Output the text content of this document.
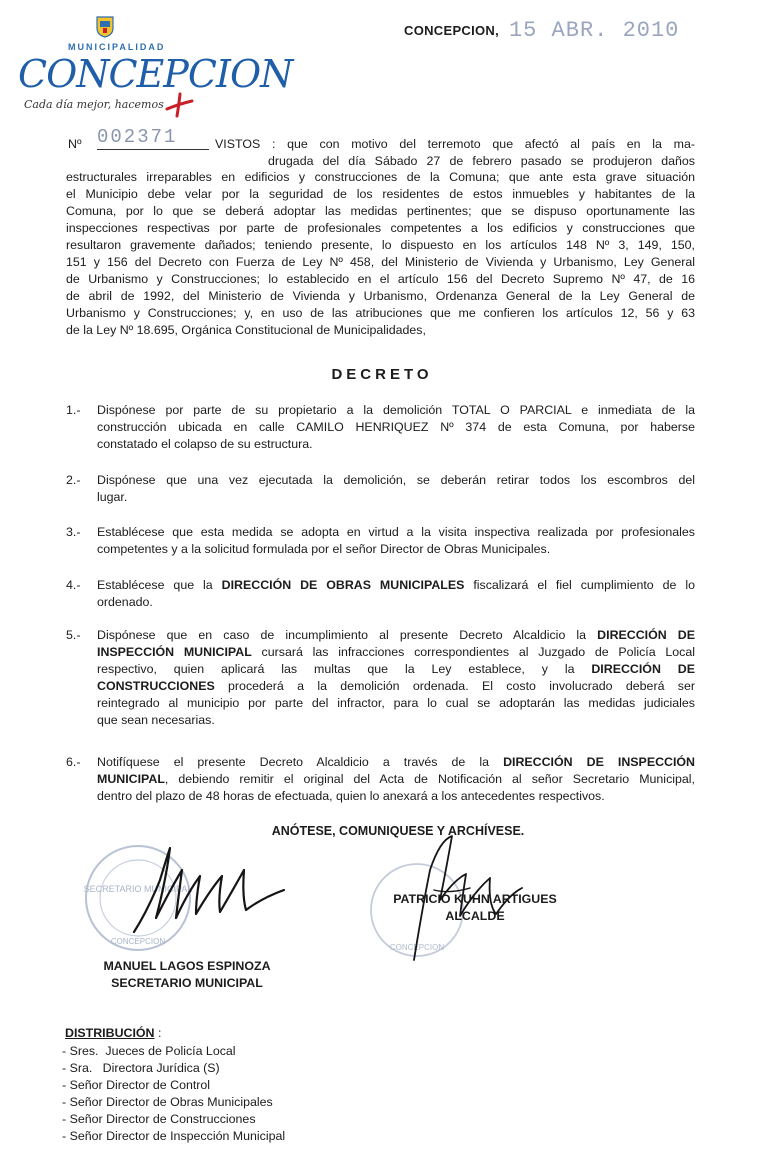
MUNICIPALIDAD
CONCEPCION
Cada día mejor, hacemos
CONCEPCION, 15 ABR. 2010
Nº 002371	VISTOS : que con motivo del terremoto que afectó al país en la ma-
drugada del día Sábado 27 de febrero pasado se produjeron daños
estructurales irreparables en edificios y construcciones de la Comuna; que ante esta grave situación
el Municipio debe velar por la seguridad de los residentes de estos inmuebles y habitantes de la
Comuna, por lo que se deberá adoptar las medidas pertinentes; que se dispuso oportunamente las
inspecciones respectivas por parte de profesionales competentes a los edificios y construcciones que
resultaron gravemente dañados; teniendo presente, lo dispuesto en los artículos 148 Nº 3, 149, 150,
151 y 156 del Decreto con Fuerza de Ley Nº 458, del Ministerio de Vivienda y Urbanismo, Ley General
de Urbanismo y Construcciones; lo establecido en el artículo 156 del Decreto Supremo Nº 47, de 16
de abril de 1992, del Ministerio de Vivienda y Urbanismo, Ordenanza General de la Ley General de
Urbanismo y Construcciones; y, en uso de las atribuciones que me confieren los artículos 12, 56 y 63
de la Ley Nº 18.695, Orgánica Constitucional de Municipalidades,
DECRETO
1.- Dispónese por parte de su propietario a la demolición TOTAL O PARCIAL e inmediata de la
construcción ubicada en calle CAMILO HENRIQUEZ Nº 374 de esta Comuna, por haberse
constatado el colapso de su estructura.
2.- Dispónese que una vez ejecutada la demolición, se deberán retirar todos los escombros del
lugar.
3.- Establécese que esta medida se adopta en virtud a la visita inspectiva realizada por profesionales
competentes y a la solicitud formulada por el señor Director de Obras Municipales.
4.- Establécese que la DIRECCIÓN DE OBRAS MUNICIPALES fiscalizará el fiel cumplimiento de lo
ordenado.
5.- Dispónese que en caso de incumplimiento al presente Decreto Alcaldicio la DIRECCIÓN DE
INSPECCIÓN MUNICIPAL cursará las infracciones correspondientes al Juzgado de Policía Local
respectivo, quien aplicará las multas que la Ley establece, y la DIRECCIÓN DE
CONSTRUCCIONES procederá a la demolición ordenada. El costo involucrado deberá ser
reintegrado al municipio por parte del infractor, para lo cual se adoptarán las medidas judiciales
que sean necesarias.
6.- Notifíquese el presente Decreto Alcaldicio a través de la DIRECCIÓN DE INSPECCIÓN
MUNICIPAL, debiendo remitir el original del Acta de Notificación al señor Secretario Municipal,
dentro del plazo de 48 horas de efectuada, quien lo anexará a los antecedentes respectivos.
ANÓTESE, COMUNIQUESE Y ARCHÍVESE.
SECRETARIO MUNICIPAL
CONCEPCION
MANUEL LAGOS ESPINOZA
SECRETARIO MUNICIPAL
CONCEPCION
PATRICIO KUHN ARTIGUES
ALCALDE
DISTRIBUCIÓN :
- Sres.  Jueces de Policía Local
- Sra.   Directora Jurídica (S)
- Señor Director de Control
- Señor Director de Obras Municipales
- Señor Director de Construcciones
- Señor Director de Inspección Municipal
